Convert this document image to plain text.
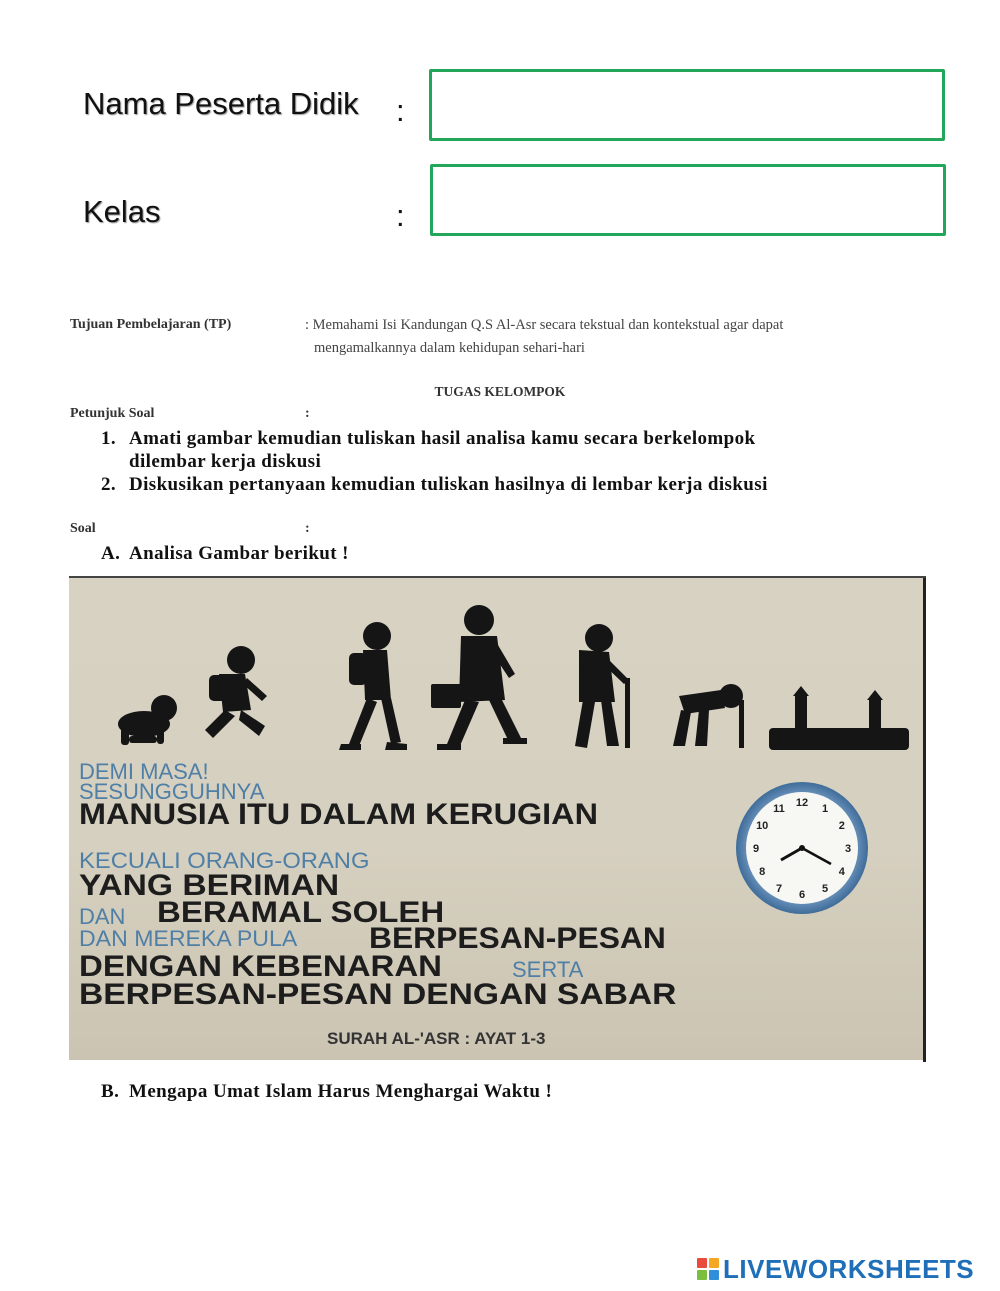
Nama Peserta Didik :
Kelas	:
Tujuan Pembelajaran (TP)	: Memahami Isi Kandungan Q.S Al-Asr secara tekstual dan kontekstual agar dapat
mengamalkannya dalam kehidupan sehari-hari
TUGAS KELOMPOK
Petunjuk Soal	:
1. Amati gambar kemudian tuliskan hasil analisa kamu secara berkelompok
dilembar kerja diskusi
2. Diskusikan pertanyaan kemudian tuliskan hasilnya di lembar kerja diskusi
Soal	:
A. Analisa Gambar berikut !
DEMI MASA!
SESUNGGUHNYA
MANUSIA ITU DALAM KERUGIAN
KECUALI ORANG-ORANG
YANG BERIMAN
DAN BERAMAL SOLEH
DAN MEREKA PULA BERPESAN-PESAN
DENGAN KEBENARAN	SERTA
BERPESAN-PESAN DENGAN SABAR
SURAH AL-'ASR : AYAT 1-3
12
1
2
3
4
5
6
7
8
9
10
11
B. Mengapa Umat Islam Harus Menghargai Waktu !
LIVEWORKSHEETS
